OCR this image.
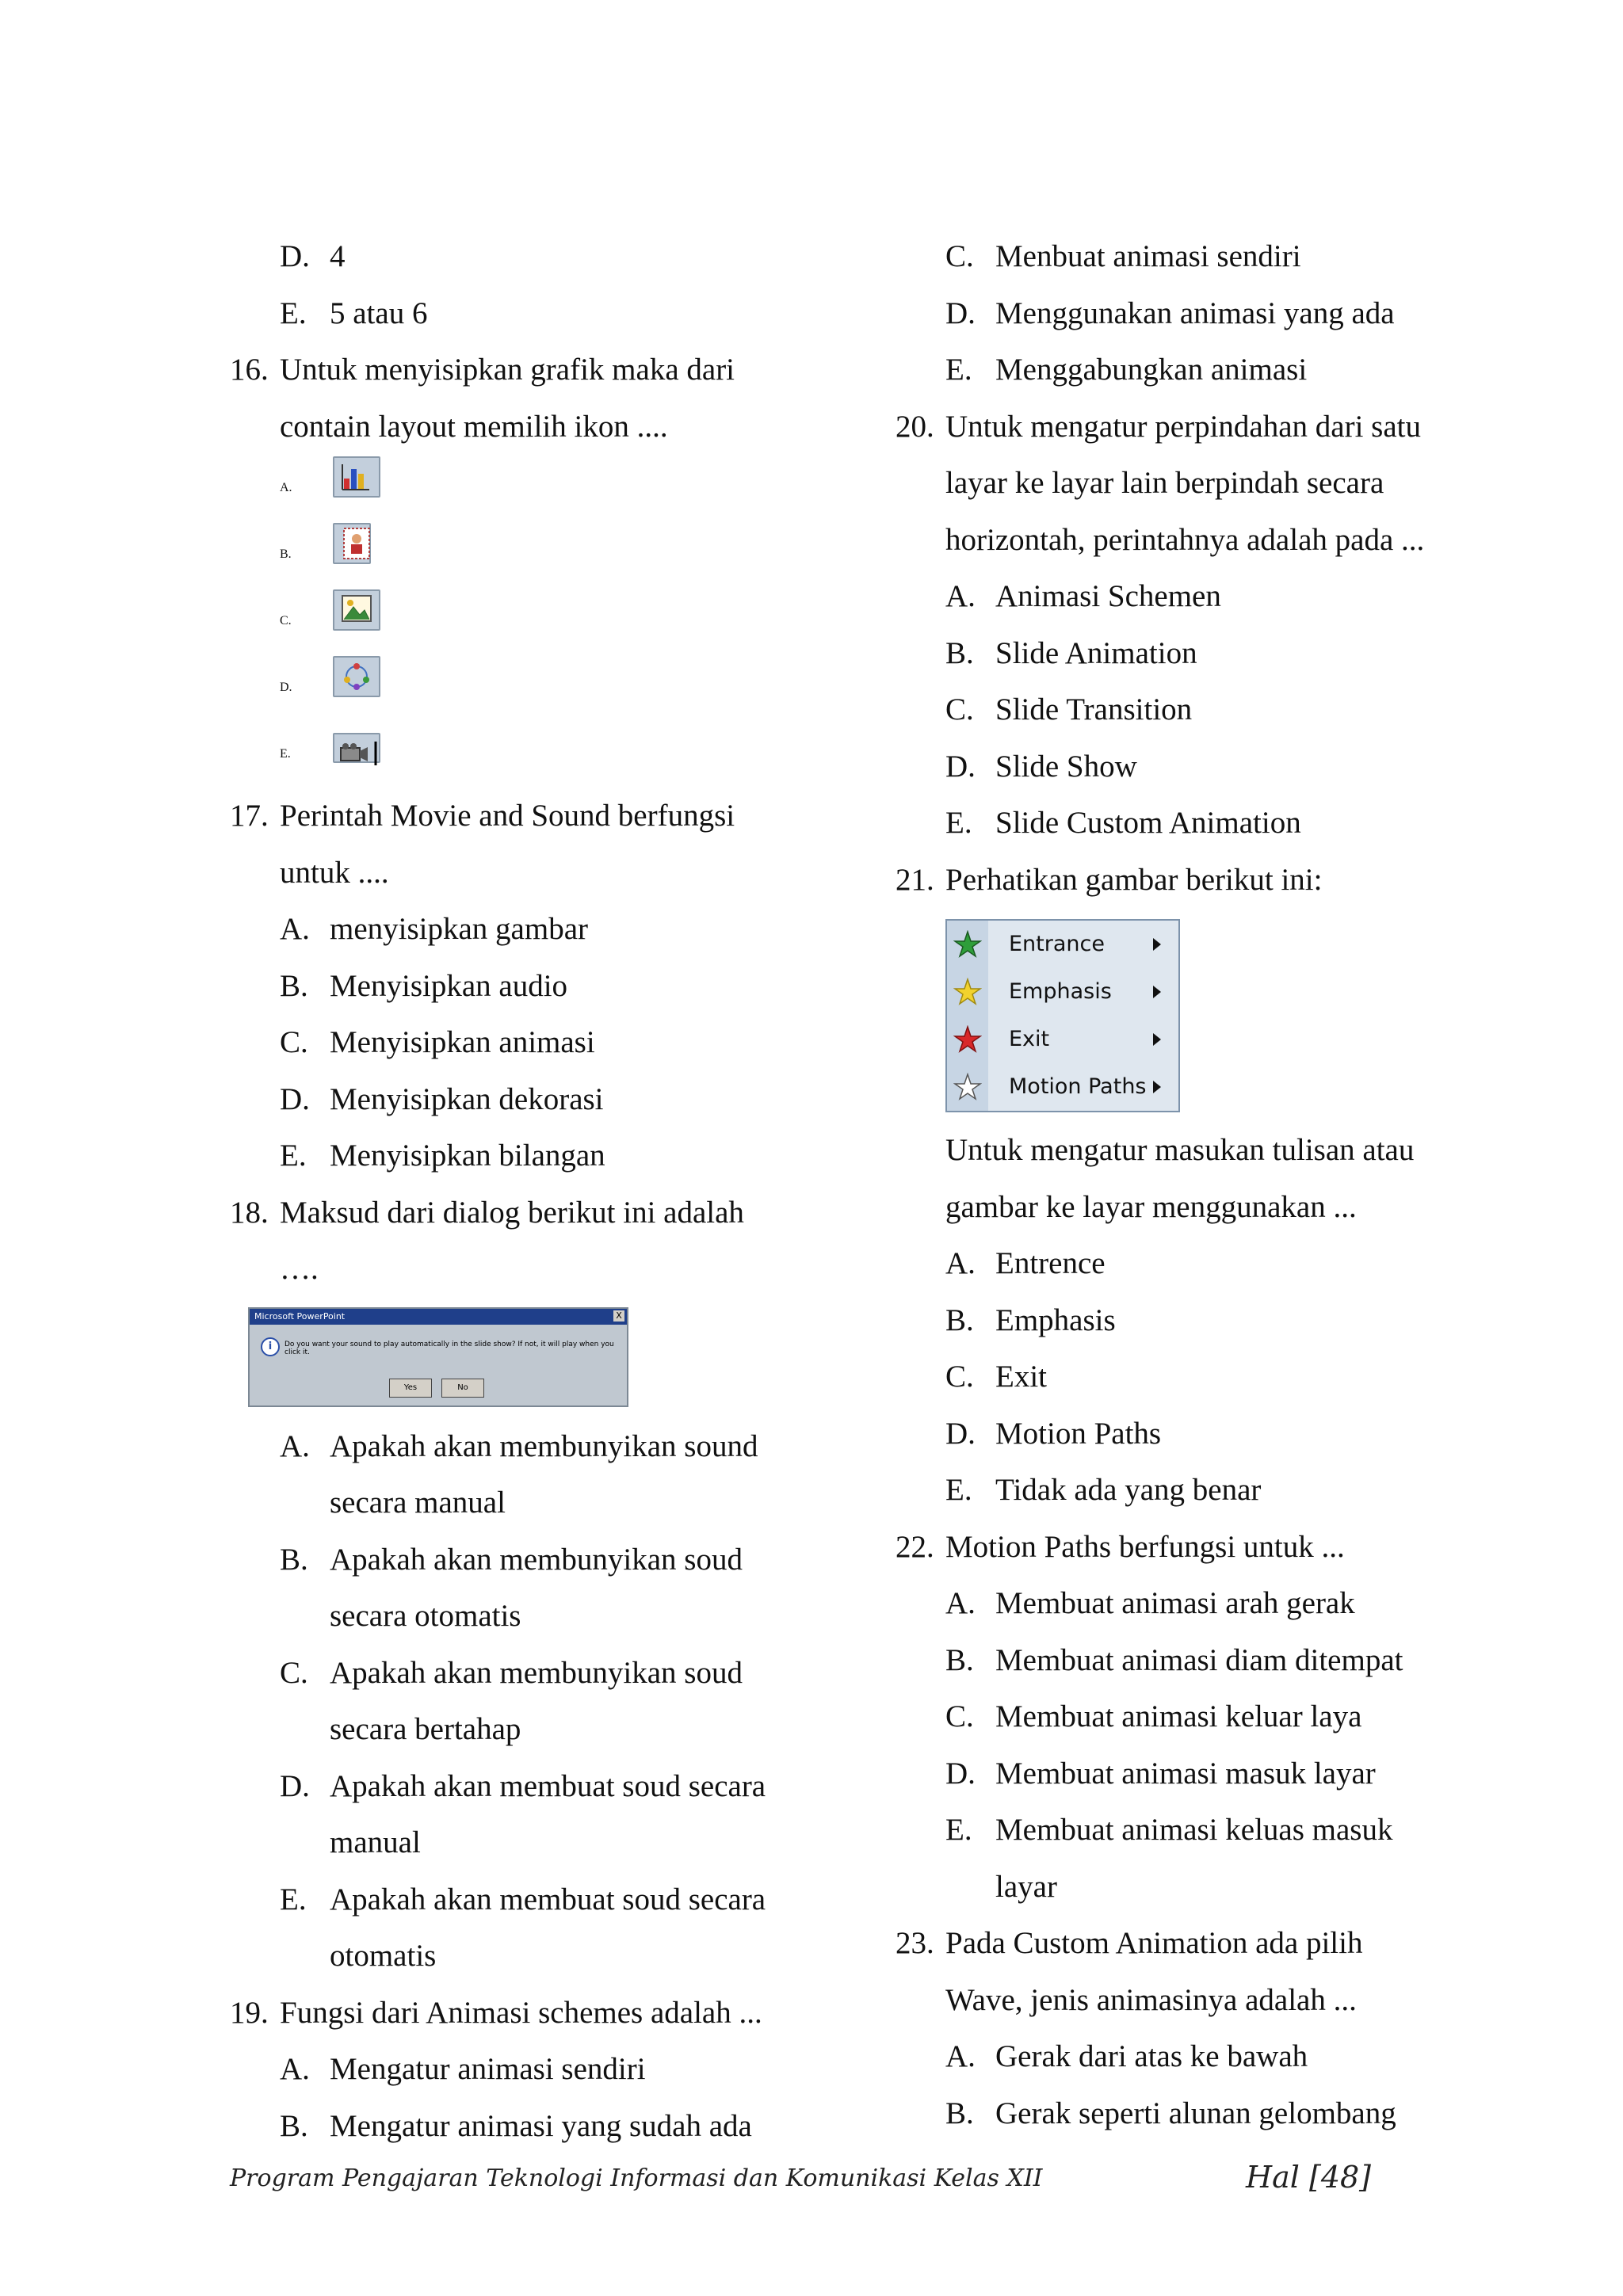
D. 4
E. 5 atau 6
16. Untuk menyisipkan grafik maka dari
contain layout memilih ikon ....
A.
B.
C.
D.
E.
17. Perintah Movie and Sound berfungsi
untuk ....
A. menyisipkan gambar
B. Menyisipkan audio
C. Menyisipkan animasi
D. Menyisipkan dekorasi
E. Menyisipkan bilangan
18. Maksud dari dialog berikut ini adalah
….
Microsoft PowerPoint	X
i	Do you want your sound to play automatically in the slide show? If not, it will play when you click it.
Yes	No
A. Apakah akan membunyikan sound
secara manual
B. Apakah akan membunyikan soud
secara otomatis
C. Apakah akan membunyikan soud
secara bertahap
D. Apakah akan membuat soud secara
manual
E. Apakah akan membuat soud secara
otomatis
19. Fungsi dari Animasi schemes adalah ...
A. Mengatur animasi sendiri
B. Mengatur animasi yang sudah ada
C. Menbuat animasi sendiri
D. Menggunakan animasi yang ada
E. Menggabungkan animasi
20. Untuk mengatur perpindahan dari satu
layar ke layar lain berpindah secara
horizontah, perintahnya adalah pada ...
A. Animasi Schemen
B. Slide Animation
C. Slide Transition
D. Slide Show
E. Slide Custom Animation
21. Perhatikan gambar berikut ini:
Entrance
Emphasis
Exit
Motion Paths
Untuk mengatur masukan tulisan atau
gambar ke layar menggunakan ...
A. Entrence
B. Emphasis
C. Exit
D. Motion Paths
E. Tidak ada yang benar
22. Motion Paths berfungsi untuk ...
A. Membuat animasi arah gerak
B. Membuat animasi diam ditempat
C. Membuat animasi keluar laya
D. Membuat animasi masuk layar
E. Membuat animasi keluas masuk
layar
23. Pada Custom Animation ada pilih
Wave, jenis animasinya adalah ...
A. Gerak dari atas ke bawah
B. Gerak seperti alunan gelombang
Program Pengajaran Teknologi Informasi dan Komunikasi Kelas XII	Hal [48]
